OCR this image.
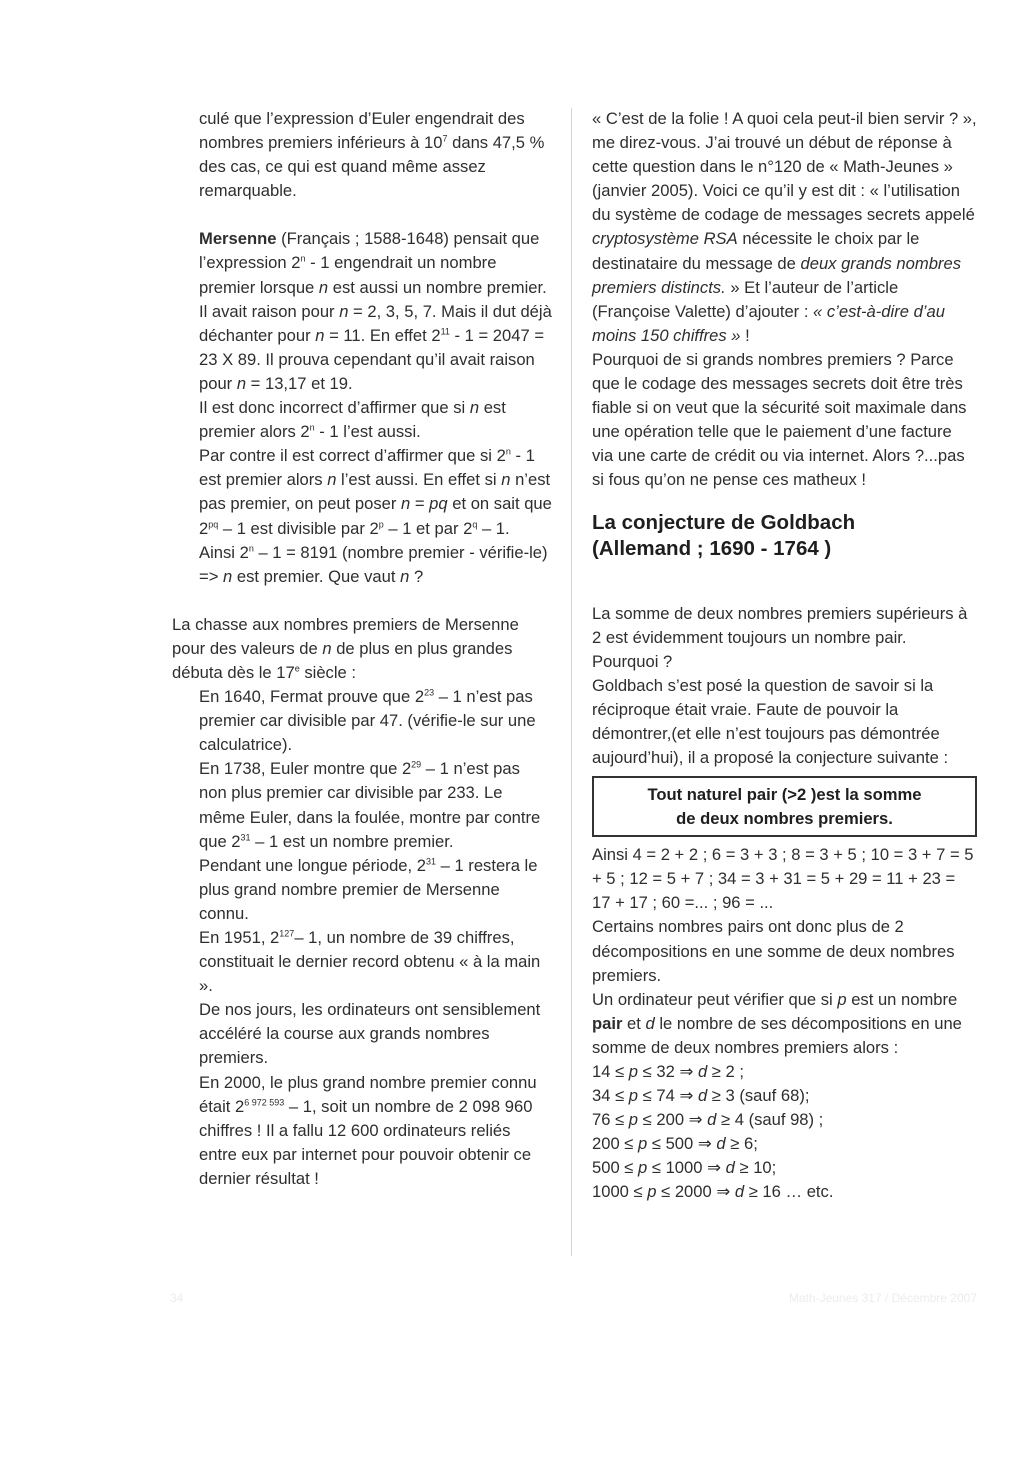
culé que l’expression d’Euler engendrait des nombres premiers inférieurs à $10^7$ dans 47,5 % des cas, ce qui est quand même assez remarquable.

Mersenne (Français ; 1588-1648) pensait que l’expression 2$^n$ - 1 engendrait un nombre premier lorsque n est aussi un nombre premier. Il avait raison pour n = 2, 3, 5, 7. Mais il dut déjà déchanter pour n = 11. En effet $2^{11} - 1 = 2047 = 23$ X 89. Il prouva cependant qu’il avait raison pour n = 13,17 et 19.

Il est donc incorrect d’affirmer que si n est premier alors 2$^n$ - 1 l’est aussi.

Par contre il est correct d’affirmer que si 2$^n$ - 1 est premier alors n l’est aussi. En effet si n n’est pas premier, on peut poser n = pq et on sait que $2^{pq} - 1$ est divisible par 2$^p$ – 1 et par 2$^q$ – 1.

Ainsi 2$^n$ – 1 = 8191 (nombre premier - vérifie-le) => n est premier. Que vaut n ?

La chasse aux nombres premiers de Mersenne pour des valeurs de n de plus en plus grandes débuta dès le 17e siècle :

En 1640, Fermat prouve que $2^{23} - 1$ n’est pas premier car divisible par 47. (vérifie-le sur une calculatrice).

En 1738, Euler montre que $2^{29} - 1$ n’est pas non plus premier car divisible par 233. Le même Euler, dans la foulée, montre par contre que $2^{31} - 1$ est un nombre premier.

Pendant une longue période, $2^{31} - 1$ restera le plus grand nombre premier de Mersenne connu.

En 1951, $2^{127}-$ 1, un nombre de 39 chiffres, constituait le dernier record obtenu « à la main ».

De nos jours, les ordinateurs ont sensiblement accéléré la course aux grands nombres premiers.

En 2000, le plus grand nombre premier connu était $2^{6 972 593} - 1$, soit un nombre de 2 098 960 chiffres ! Il a fallu 12 600 ordinateurs reliés entre eux par internet pour pouvoir obtenir ce dernier résultat !

« C’est de la folie ! A quoi cela peut-il bien servir ? », me direz-vous. J’ai trouvé un début de réponse à cette question dans le n°120 de « Math-Jeunes » (janvier 2005). Voici ce qu’il y est dit : « l’utilisation du système de codage de messages secrets appelé cryptosystème RSA nécessite le choix par le destinataire du message de deux grands nombres premiers distincts. » Et l’auteur de l’article (Françoise Valette) d’ajouter : « c’est-à-dire d’au moins 150 chiffres » !

Pourquoi de si grands nombres premiers ? Parce que le codage des messages secrets doit être très fiable si on veut que la sécurité soit maximale dans une opération telle que le paiement d’une facture via une carte de crédit ou via internet. Alors ?...pas si fous qu’on ne pense ces matheux !

La conjecture de Goldbach
(Allemand ; 1690 - 1764 )

La somme de deux nombres premiers supérieurs à 2 est évidemment toujours un nombre pair. Pourquoi ?

Goldbach s’est posé la question de savoir si la réciproque était vraie. Faute de pouvoir la démontrer,(et elle n’est toujours pas démontrée aujourd’hui), il a proposé la conjecture suivante :

Tout naturel pair (>2 )est la somme
de deux nombres premiers.

Ainsi 4 = 2 + 2 ; 6 = 3 + 3 ; 8 = 3 + 5 ; 10 = 3 + 7 = 5 + 5 ; 12 = 5 + 7 ; 34 = 3 + 31 = 5 + 29 = 11 + 23 = 17 + 17 ; 60 =... ; 96 = ...

Certains nombres pairs ont donc plus de 2 décompositions en une somme de deux nombres premiers.

Un ordinateur peut vérifier que si p est un nombre pair et d le nombre de ses décompositions en une somme de deux nombres premiers alors :

14 ≤ p ≤ 32 ⇒ d ≥ 2 ;
34 ≤ p ≤ 74 ⇒ d ≥ 3 (sauf 68);
76 ≤ p ≤ 200 ⇒ d ≥ 4 (sauf 98) ;
200 ≤ p ≤ 500 ⇒ d ≥ 6;
500 ≤ p ≤ 1000 ⇒ d ≥ 10;
1000 ≤ p ≤ 2000 ⇒ d ≥ 16 … etc.
34	Math-Jeunes 317 / Décembre 2007
